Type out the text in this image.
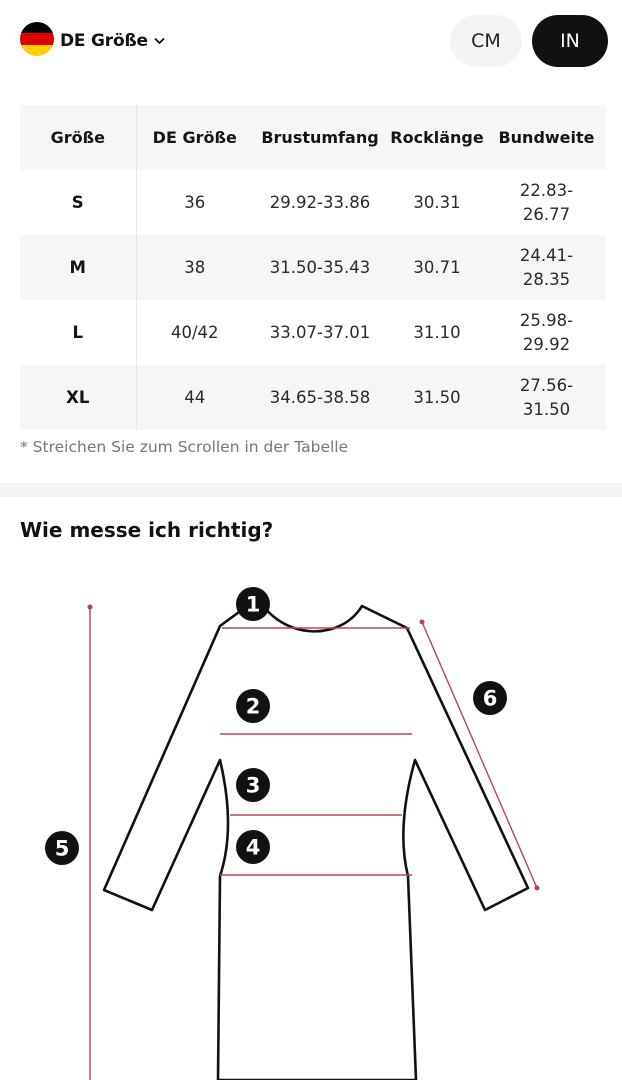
DE Größe	CM	IN
Größe	DE Größe	Brustumfang	Rocklänge	Bundweite
S	36	29.92-33.86	30.31	22.83-26.77
M	38	31.50-35.43	30.71	24.41-28.35
L	40/42	33.07-37.01	31.10	25.98-29.92
XL	44	34.65-38.58	31.50	27.56-31.50
* Streichen Sie zum Scrollen in der Tabelle
Wie messe ich richtig?
1
2
3
4
5
6
